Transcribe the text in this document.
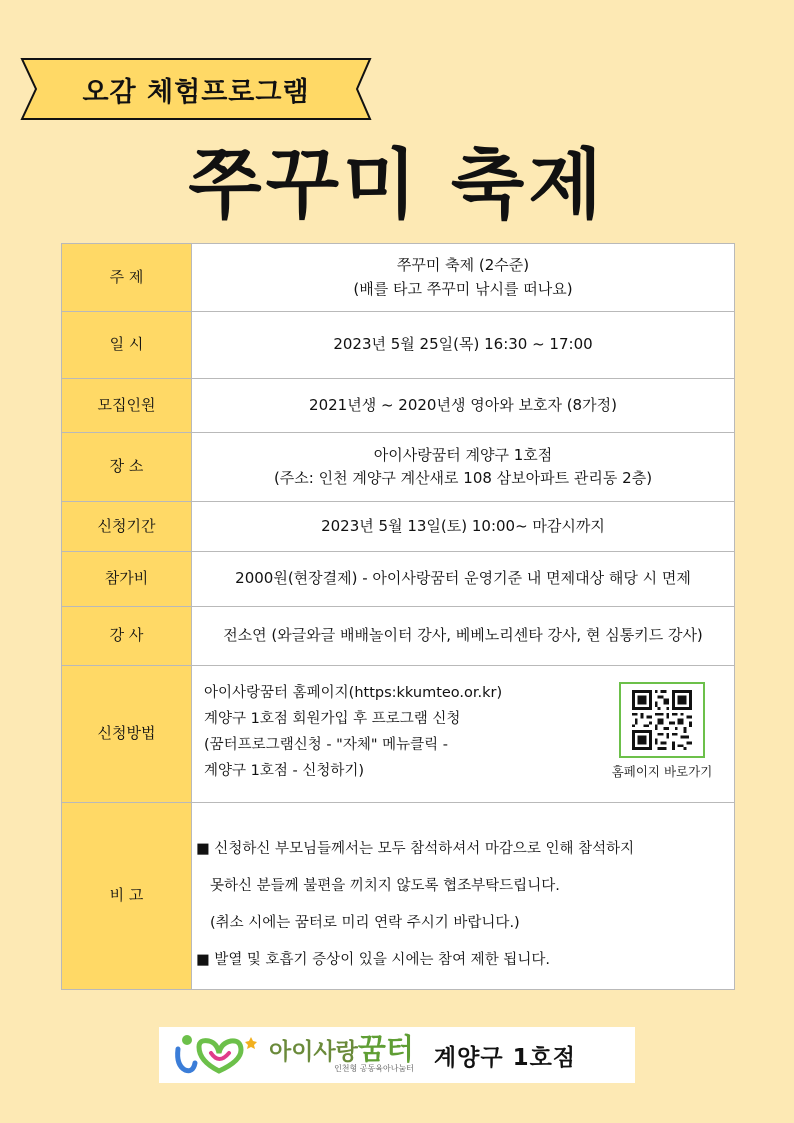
오감 체험프로그램
쭈꾸미 축제
주 제	쭈꾸미 축제 (2수준)
(배를 타고 쭈꾸미 낚시를 떠나요)

일 시	2023년 5월 25일(목) 16:30 ~ 17:00
모집인원	2021년생 ~ 2020년생 영아와 보호자 (8가정)
장 소	아이사랑꿈터 계양구 1호점
(주소: 인천 계양구 계산새로 108 삼보아파트 관리동 2층)

신청기간	2023년 5월 13일(토) 10:00~ 마감시까지
참가비	2000원(현장결제) - 아이사랑꿈터 운영기준 내 면제대상 해당 시 면제
강 사	전소연 (와글와글 배배놀이터 강사, 베베노리센타 강사, 현 심통키드 강사)
신청방법	아이사랑꿈터 홈페이지(https:kkumteo.or.kr)
계양구 1호점 회원가입 후 프로그램 신청
(꿈터프로그램신청 - "자체" 메뉴클릭 -
계양구 1호점 - 신청하기) 홈페이지 바로가기

비 고	■ 신청하신 부모님들께서는 모두 참석하셔서 마감으로 인해 참석하지
못하신 분들께 불편을 끼치지 않도록 협조부탁드립니다.
(취소 시에는 꿈터로 미리 연락 주시기 바랍니다.)
■ 발열 및 호흡기 증상이 있을 시에는 참여 제한 됩니다.
아이사랑꿈터
인천형 공동육아나눔터 계양구 1호점
